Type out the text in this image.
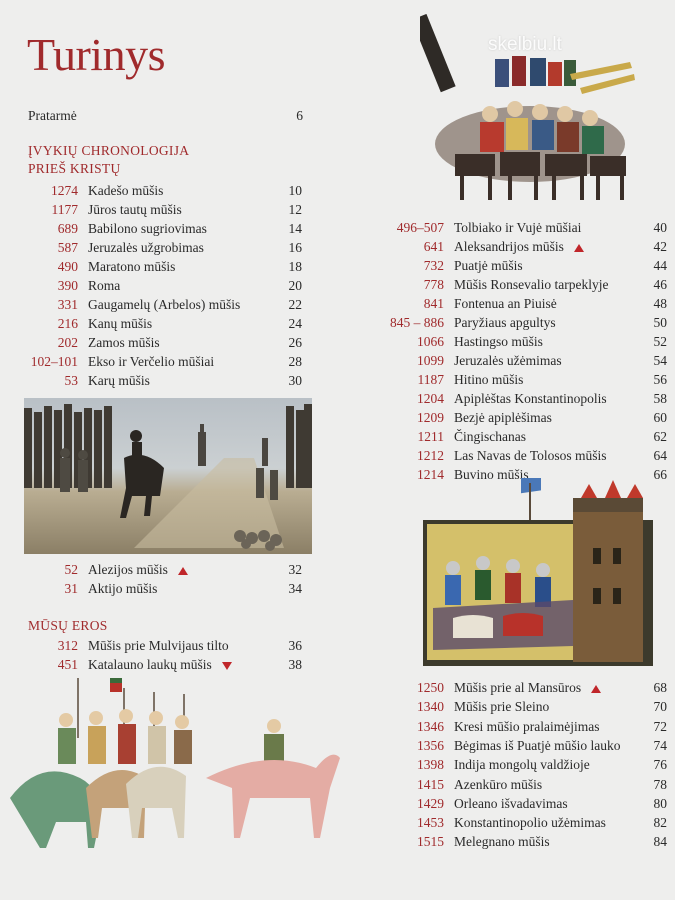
Turinys	skelbiu.lt
Pratarmė	6
ĮVYKIŲ CHRONOLOGIJA
PRIEŠ KRISTŲ
1274 Kadešo mūšis	10
1177 Jūros tautų mūšis	12
689 Babilono sugriovimas	14
587 Jeruzalės užgrobimas	16
490 Maratono mūšis	18
390 Roma	20
331 Gaugamelų (Arbelos) mūšis	22
216 Kanų mūšis	24
202 Zamos mūšis	26
102–101 Ekso ir Verčelio mūšiai	28
53 Karų mūšis	30
52 Alezijos mūšis	32
31 Aktijo mūšis	34
MŪSŲ EROS
312 Mūšis prie Mulvijaus tilto	36
451 Katalauno laukų mūšis	38
496–507 Tolbiako ir Vujė mūšiai	40
641 Aleksandrijos mūšis	42
732 Puatjė mūšis	44
778 Mūšis Ronsevalio tarpeklyje	46
841 Fontenua an Piuisė	48
845 – 886 Paryžiaus apgultys	50
1066 Hastingso mūšis	52
1099 Jeruzalės užėmimas	54
1187 Hitino mūšis	56
1204 Apiplėštas Konstantinopolis	58
1209 Bezjė apiplėšimas	60
1211 Čingischanas	62
1212 Las Navas de Tolosos mūšis	64
1214 Buvino mūšis	66
1250 Mūšis prie al Mansūros	68
1340 Mūšis prie Sleino	70
1346 Kresi mūšio pralaimėjimas	72
1356 Bėgimas iš Puatjė mūšio lauko 74
1398 Indija mongolų valdžioje	76
1415 Azenkūro mūšis	78
1429 Orleano išvadavimas	80
1453 Konstantinopolio užėmimas	82
1515 Melegnano mūšis	84
